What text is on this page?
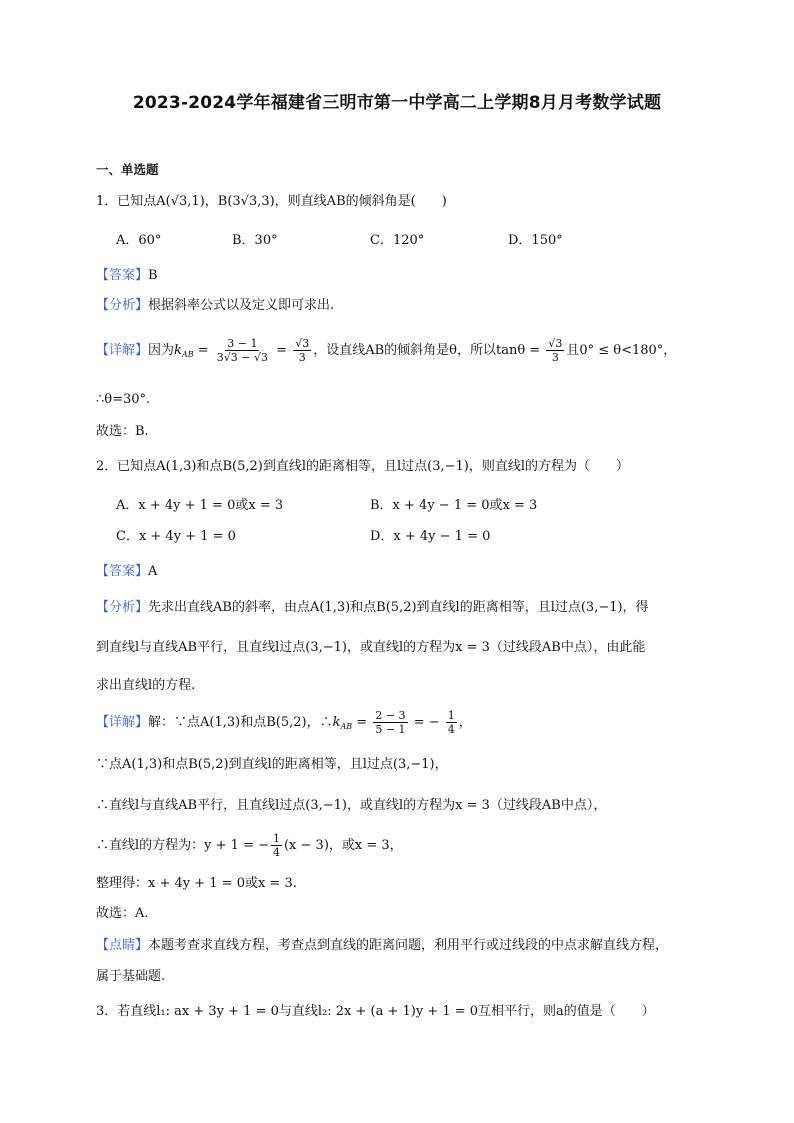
2023-2024学年福建省三明市第一中学高二上学期8月月考数学试题
一、单选题
1．已知点A(√3,1)，B(3√3,3)，则直线AB的倾斜角是(　　)
A．60°	B．30°	C．120°	D．150°
【答案】B
【分析】根据斜率公式以及定义即可求出.
【详解】因为$k_{AB} = \frac{3 - 1}{3√3 - √3} = \frac{√3}{3}$ ，设直线AB的倾斜角是θ，所以$\tan\theta = \frac{√3}{3}$ 且0° ≤ θ<180°，
∴θ=30°.
故选：B.
2．已知点A(1,3)和点B(5,2)到直线l的距离相等，且l过点(3,−1)，则直线l的方程为（　　）
A．x + 4y + 1 = 0或x = 3	B．x + 4y − 1 = 0或x = 3
C．x + 4y + 1 = 0	D．x + 4y − 1 = 0
【答案】A
【分析】先求出直线AB的斜率，由点A(1,3)和点B(5,2)到直线l的距离相等，且l过点(3,−1)，得
到直线l与直线AB平行，且直线l过点(3,−1)，或直线l的方程为x = 3（过线段AB中点），由此能
求出直线l的方程.
【详解】解：∵点A(1,3)和点B(5,2)，$\therefore k_{AB} = \frac{2 - 3}{5 - 1}$ = − $\frac{1}{4}$ ，
∵点A(1,3)和点B(5,2)到直线l的距离相等，且l过点(3,−1)，
∴直线l与直线AB平行，且直线l过点(3,−1)，或直线l的方程为x = 3（过线段AB中点），
∴直线l的方程为：y + 1 = − $\frac{1}{4} (x - 3)$，或x = 3，
整理得：x + 4y + 1 = 0或x = 3.
故选：A.
【点睛】本题考查求直线方程，考查点到直线的距离问题，利用平行或过线段的中点求解直线方程，
属于基础题.
3．若直线l₁: ax + 3y + 1 = 0与直线l₂: 2x + (a + 1)y + 1 = 0互相平行，则a的值是（　　）
